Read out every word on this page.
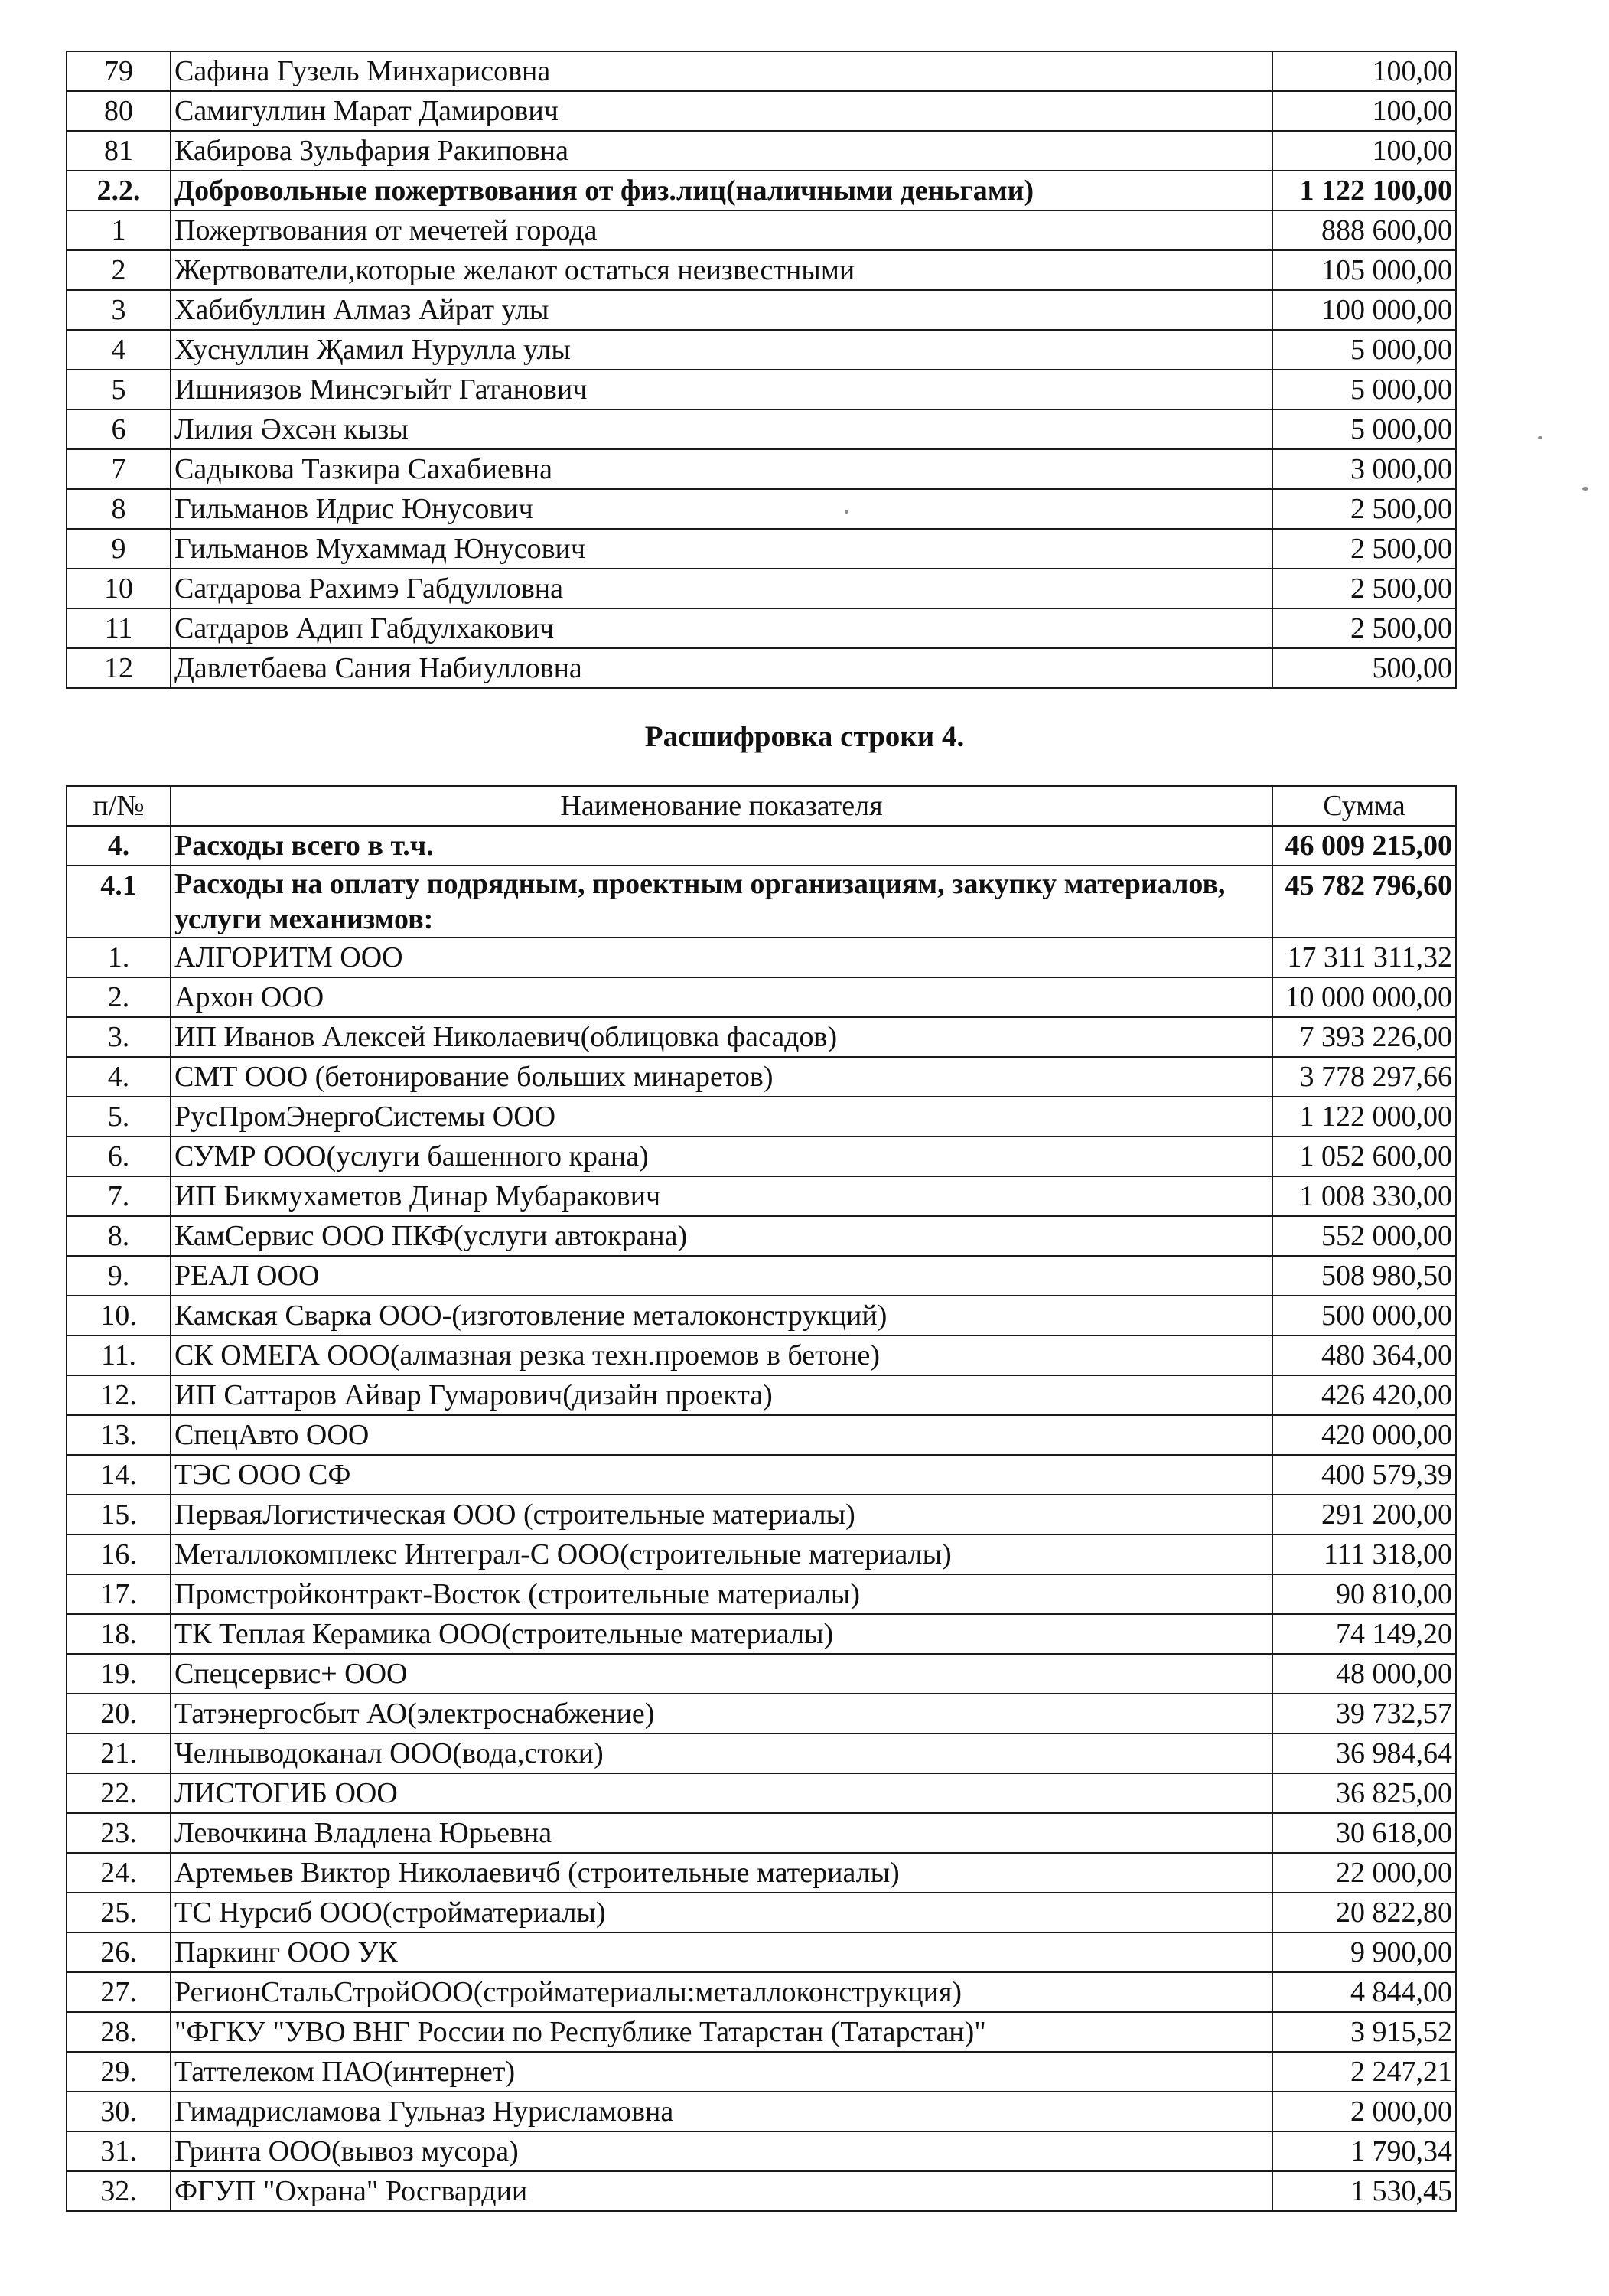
79	Сафина Гузель Минхарисовна	100,00
80	Самигуллин Марат Дамирович	100,00
81	Кабирова Зульфария Ракиповна	100,00
2.2.	Добровольные пожертвования от физ.лиц(наличными деньгами)	1 122 100,00
1	Пожертвования от мечетей города	888 600,00
2	Жертвователи,которые желают остаться неизвестными	105 000,00
3	Хабибуллин Алмаз Айрат улы	100 000,00
4	Хуснуллин Җамил Нурулла улы	5 000,00
5	Ишниязов Минсэгыйт Гатанович	5 000,00
6	Лилия Әхсән кызы	5 000,00
7	Садыкова Тазкира Сахабиевна	3 000,00
8	Гильманов Идрис Юнусович	2 500,00
9	Гильманов Мухаммад Юнусович	2 500,00
10	Сатдарова Рахимэ Габдулловна	2 500,00
11	Сатдаров Адип Габдулхакович	2 500,00
12	Давлетбаева Сания Набиулловна	500,00
Расшифровка строки 4.
п/№	Наименование показателя	Сумма
4.	Расходы всего в т.ч.	46 009 215,00
4.1	Расходы на оплату подрядным, проектным организациям, закупку материалов, услуги механизмов:	45 782 796,60
1.	АЛГОРИТМ ООО	17 311 311,32
2.	Архон ООО	10 000 000,00
3.	ИП Иванов Алексей Николаевич(облицовка фасадов)	7 393 226,00
4.	СМТ ООО (бетонирование больших минаретов)	3 778 297,66
5.	РусПромЭнергоСистемы ООО	1 122 000,00
6.	СУМР ООО(услуги башенного крана)	1 052 600,00
7.	ИП Бикмухаметов Динар Мубаракович	1 008 330,00
8.	КамСервис ООО ПКФ(услуги автокрана)	552 000,00
9.	РЕАЛ ООО	508 980,50
10.	Камская Сварка ООО-(изготовление металоконструкций)	500 000,00
11.	СК ОМЕГА ООО(алмазная резка техн.проемов в бетоне)	480 364,00
12.	ИП Саттаров Айвар Гумарович(дизайн проекта)	426 420,00
13.	СпецАвто ООО	420 000,00
14.	ТЭС ООО СФ	400 579,39
15.	ПерваяЛогистическая ООО (строительные материалы)	291 200,00
16.	Металлокомплекс Интеграл-С ООО(строительные материалы)	111 318,00
17.	Промстройконтракт-Восток (строительные материалы)	90 810,00
18.	ТК Теплая Керамика ООО(строительные материалы)	74 149,20
19.	Спецсервис+ ООО	48 000,00
20.	Татэнергосбыт АО(электроснабжение)	39 732,57
21.	Челныводоканал ООО(вода,стоки)	36 984,64
22.	ЛИСТОГИБ ООО	36 825,00
23.	Левочкина Владлена Юрьевна	30 618,00
24.	Артемьев Виктор Николаевичб (строительные материалы)	22 000,00
25.	ТС Нурсиб ООО(стройматериалы)	20 822,80
26.	Паркинг ООО УК	9 900,00
27.	РегионСтальСтройООО(стройматериалы:металлоконструкция)	4 844,00
28.	"ФГКУ "УВО ВНГ России по Республике Татарстан (Татарстан)"	3 915,52
29.	Таттелеком ПАО(интернет)	2 247,21
30.	Гимадрисламова Гульназ Нурисламовна	2 000,00
31.	Гринта ООО(вывоз мусора)	1 790,34
32.	ФГУП "Охрана" Росгвардии	1 530,45
